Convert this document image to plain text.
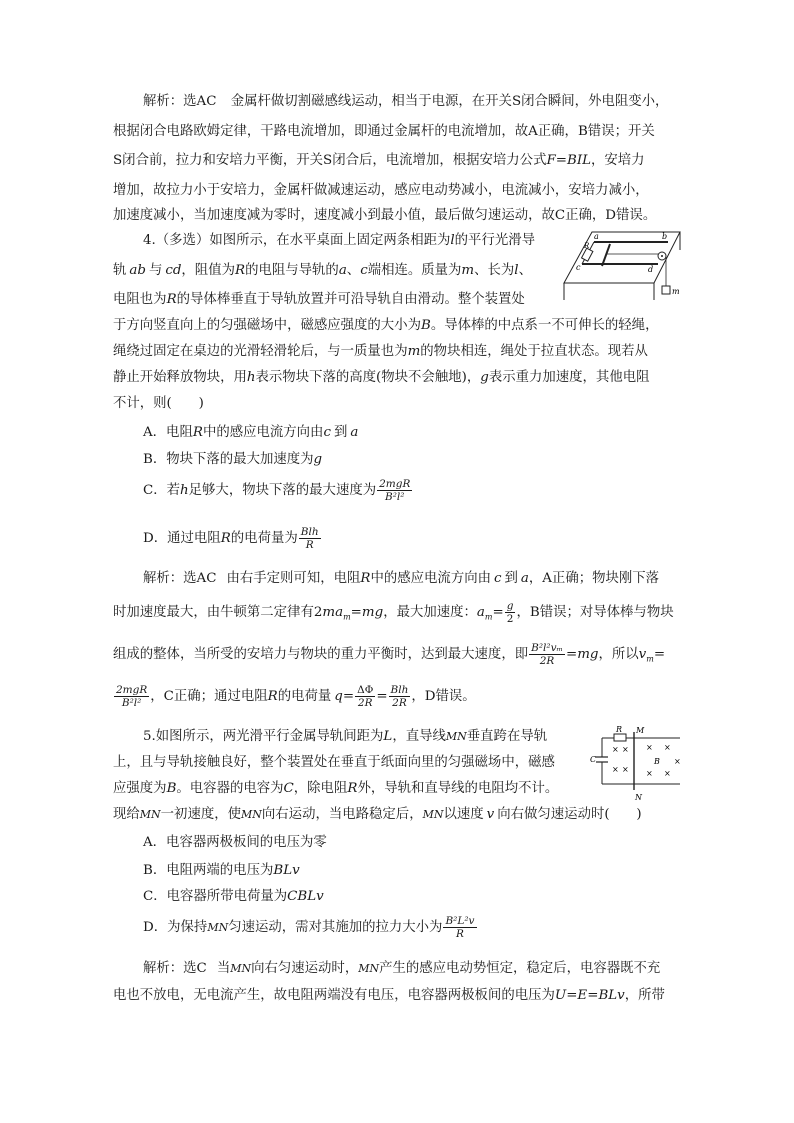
解析：选AC 金属杆做切割磁感线运动，相当于电源，在开关S闭合瞬间，外电阻变小，
根据闭合电路欧姆定律，干路电流增加，即通过金属杆的电流增加，故A正确，B错误；开关
S闭合前，拉力和安培力平衡，开关S闭合后，电流增加，根据安培力公式F=BIL，安培力
增加，故拉力小于安培力，金属杆做减速运动，感应电动势减小，电流减小，安培力减小，
加速度减小，当加速度减为零时，速度减小到最小值，最后做匀速运动，故C正确，D错误。
4.（多选）如图所示，在水平桌面上固定两条相距为l的平行光滑导
轨 ab 与 cd，阻值为R的电阻与导轨的a、c端相连。质量为m、长为l、
电阻也为R的导体棒垂直于导轨放置并可沿导轨自由滑动。整个装置处
于方向竖直向上的匀强磁场中，磁感应强度的大小为B。导体棒的中点系一不可伸长的轻绳，
绳绕过固定在桌边的光滑轻滑轮后，与一质量也为m的物块相连，绳处于拉直状态。现若从
静止开始释放物块，用h表示物块下落的高度(物块不会触地)，g表示重力加速度，其他电阻
不计，则(　　)
A．电阻R中的感应电流方向由c 到 a
B．物块下落的最大加速度为g
C．若h足够大，物块下落的最大速度为 $\frac{\text{2mgR}}{\text{B²l²}}$
D．通过电阻R的电荷量为 $\frac{\text{Blh}}{R}$
a	b
c	d
R
m
解析：选AC 由右手定则可知，电阻R中的感应电流方向由 c 到 a，A正确；物块刚下落
时加速度最大，由牛顿第二定律有$2ma_m=mg$，最大加速度：$a_m= \frac{g}{2}$ ，B错误；对导体棒与物块
组成的整体，当所受的安培力与物块的重力平衡时，达到最大速度，即 $\frac{\text{B²l²vₘ}}{2R} =mg$，所以$v_m=$
$\frac{\text{2mgR}}{\text{B²l²}}$ ，C正确；通过电阻R的电荷量 $q= \frac{\Delta\Phi}{2R} = \frac{\text{Blh}}{2R}$ ，D错误。
5.如图所示，两光滑平行金属导轨间距为L，直导线MN垂直跨在导轨
上，且与导轨接触良好，整个装置处在垂直于纸面向里的匀强磁场中，磁感
应强度为B。电容器的电容为C，除电阻R外，导轨和直导线的电阻均不计。
现给MN一初速度，使MN向右运动，当电路稳定后，MN以速度 v 向右做匀速运动时(　　)
A．电容器两极板间的电压为零
B．电阻两端的电压为BLv
C．电容器所带电荷量为CBLv
D．为保持MN匀速运动，需对其施加的拉力大小为 $\frac{\text{B²L²v}}{R}$
R M
C	B
N
× ×
× ×
× ×
× ×
×
解析：选C 当MN向右匀速运动时，MN产生的感应电动势恒定，稳定后，电容器既不充
电也不放电，无电流产生，故电阻两端没有电压，电容器两极板间的电压为U=E=BLv，所带
